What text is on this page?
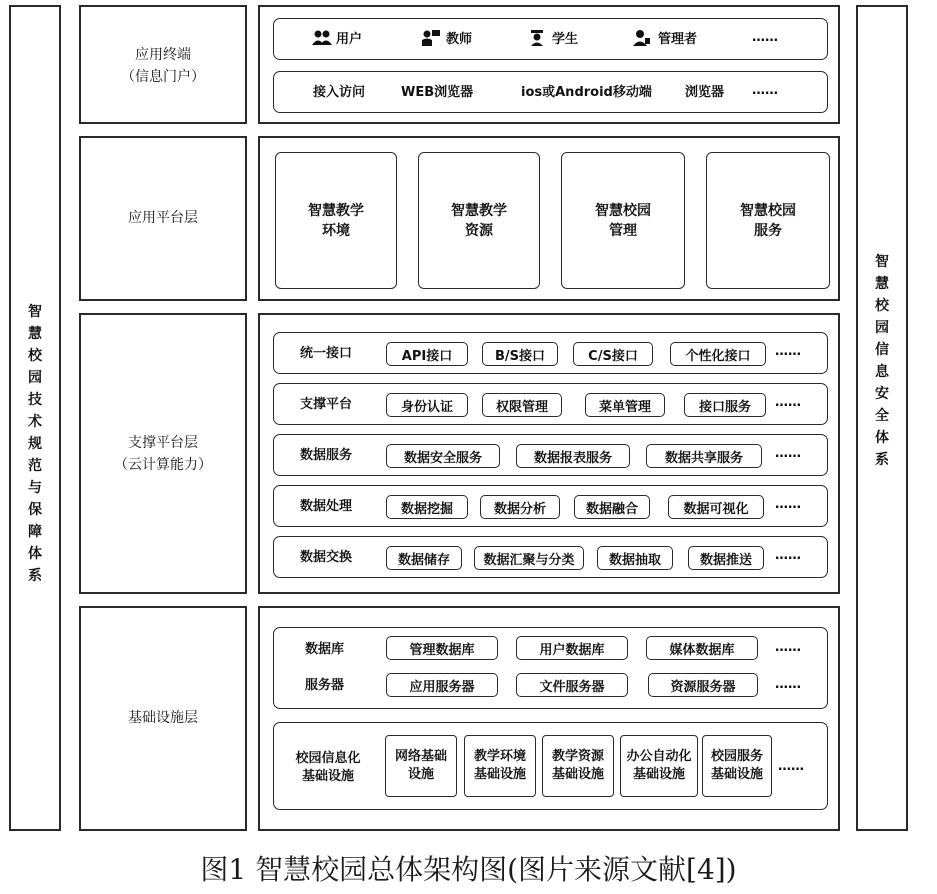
智慧校园技术规范与保障体系
智慧校园信息安全体系
应用终端
（信息门户）
用户	教师	学生	管理者	……
接入访问	WEB浏览器	ios或Android移动端	浏览器 ……
应用平台层	智慧教学
环境
智慧教学
资源
智慧校园
管理
智慧校园
服务
支撑平台层
（云计算能力）
统一接口	API接口	B/S接口	C/S接口	个性化接口	……
支撑平台	身份认证	权限管理	菜单管理	接口服务	……
数据服务	数据安全服务	数据报表服务	数据共享服务	……
数据处理	数据挖掘	数据分析	数据融合	数据可视化	……
数据交换	数据储存	数据汇聚与分类	数据抽取	数据推送	……
基础设施层
数据库	管理数据库	用户数据库	媒体数据库	……
服务器	应用服务器	文件服务器	资源服务器	……
校园信息化
基础设施
网络基础
设施
教学环境
基础设施
教学资源
基础设施
办公自动化
基础设施
校园服务
基础设施
……
图1 智慧校园总体架构图(图片来源文献[4])
